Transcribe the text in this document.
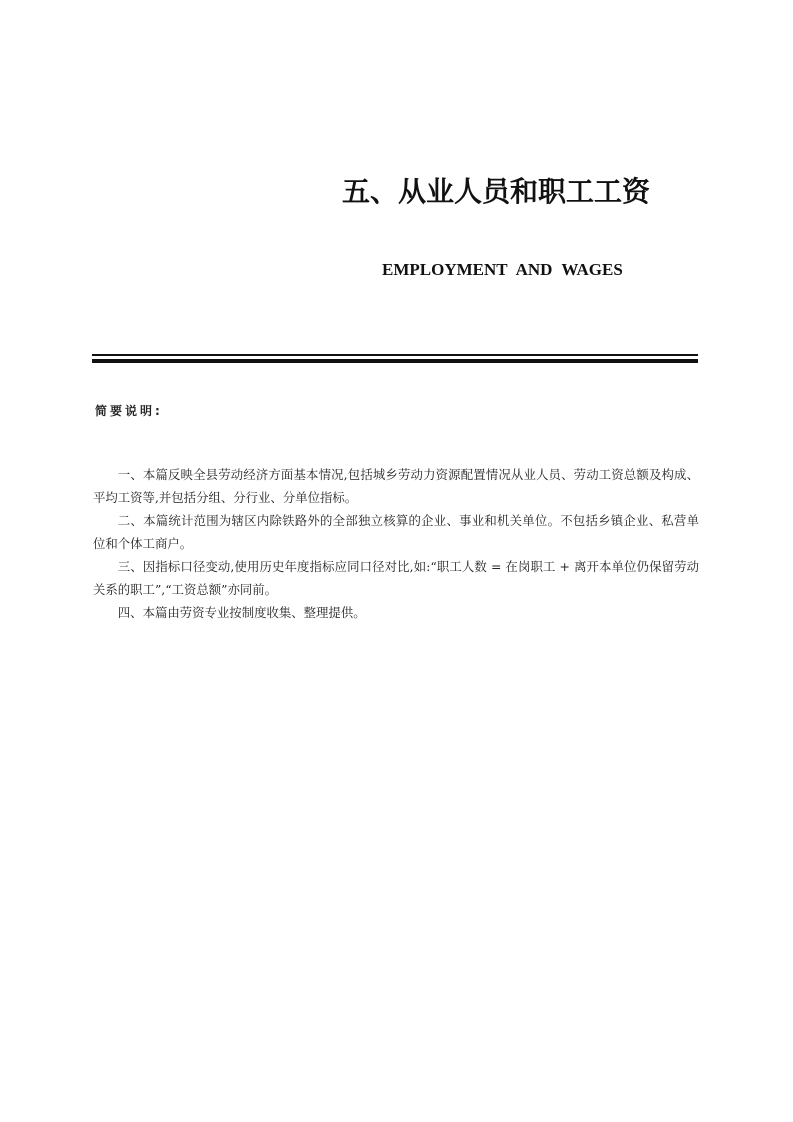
五、从业人员和职工工资
EMPLOYMENT AND WAGES
简要说明:

一、本篇反映全县劳动经济方面基本情况,包括城乡劳动力资源配置情况从业人员、劳动工资总额及构成、平均工资等,并包括分组、分行业、分单位指标。

二、本篇统计范围为辖区内除铁路外的全部独立核算的企业、事业和机关单位。不包括乡镇企业、私营单位和个体工商户。

三、因指标口径变动,使用历史年度指标应同口径对比,如:“职工人数 = 在岗职工 + 离开本单位仍保留劳动关系的职工”,“工资总额”亦同前。

四、本篇由劳资专业按制度收集、整理提供。
